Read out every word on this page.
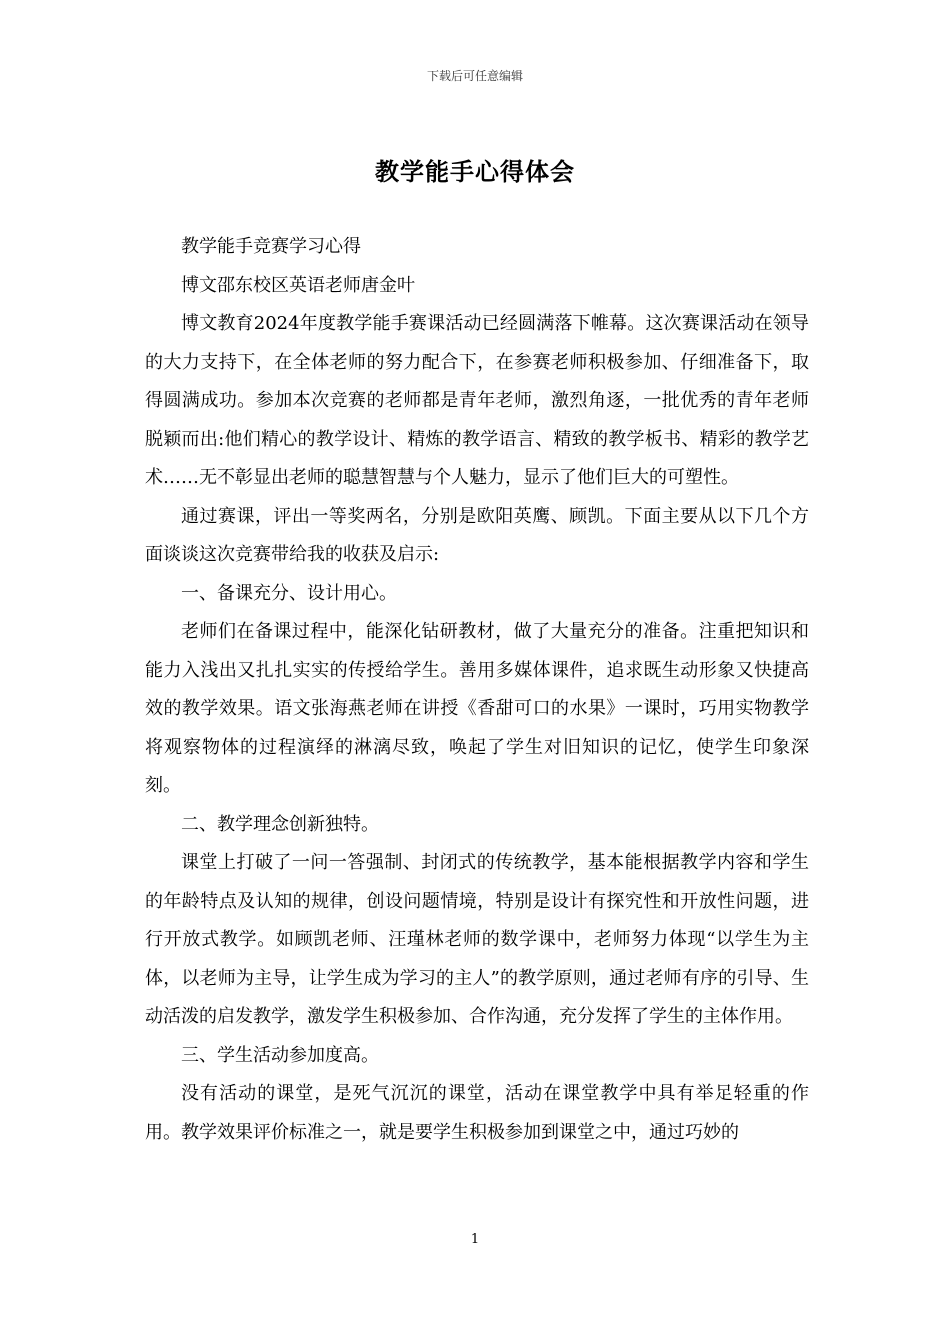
下载后可任意编辑
教学能手心得体会

教学能手竞赛学习心得

博文邵东校区英语老师唐金叶

博文教育2024年度教学能手赛课活动已经圆满落下帷幕。这次赛课活动在领导的大力支持下，在全体老师的努力配合下，在参赛老师积极参加、仔细准备下，取得圆满成功。参加本次竞赛的老师都是青年老师，激烈角逐，一批优秀的青年老师脱颖而出:他们精心的教学设计、精炼的教学语言、精致的教学板书、精彩的教学艺术……无不彰显出老师的聪慧智慧与个人魅力，显示了他们巨大的可塑性。

通过赛课，评出一等奖两名，分别是欧阳英鹰、顾凯。下面主要从以下几个方面谈谈这次竞赛带给我的收获及启示:

一、备课充分、设计用心。

老师们在备课过程中，能深化钻研教材，做了大量充分的准备。注重把知识和能力入浅出又扎扎实实的传授给学生。善用多媒体课件，追求既生动形象又快捷高效的教学效果。语文张海燕老师在讲授《香甜可口的水果》一课时，巧用实物教学将观察物体的过程演绎的淋漓尽致，唤起了学生对旧知识的记忆，使学生印象深刻。

二、教学理念创新独特。

课堂上打破了一问一答强制、封闭式的传统教学，基本能根据教学内容和学生的年龄特点及认知的规律，创设问题情境，特别是设计有探究性和开放性问题，进行开放式教学。如顾凯老师、汪瑾林老师的数学课中，老师努力体现“以学生为主体，以老师为主导，让学生成为学习的主人”的教学原则，通过老师有序的引导、生动活泼的启发教学，激发学生积极参加、合作沟通，充分发挥了学生的主体作用。

三、学生活动参加度高。

没有活动的课堂，是死气沉沉的课堂，活动在课堂教学中具有举足轻重的作用。教学效果评价标准之一，就是要学生积极参加到课堂之中，通过巧妙的

1
